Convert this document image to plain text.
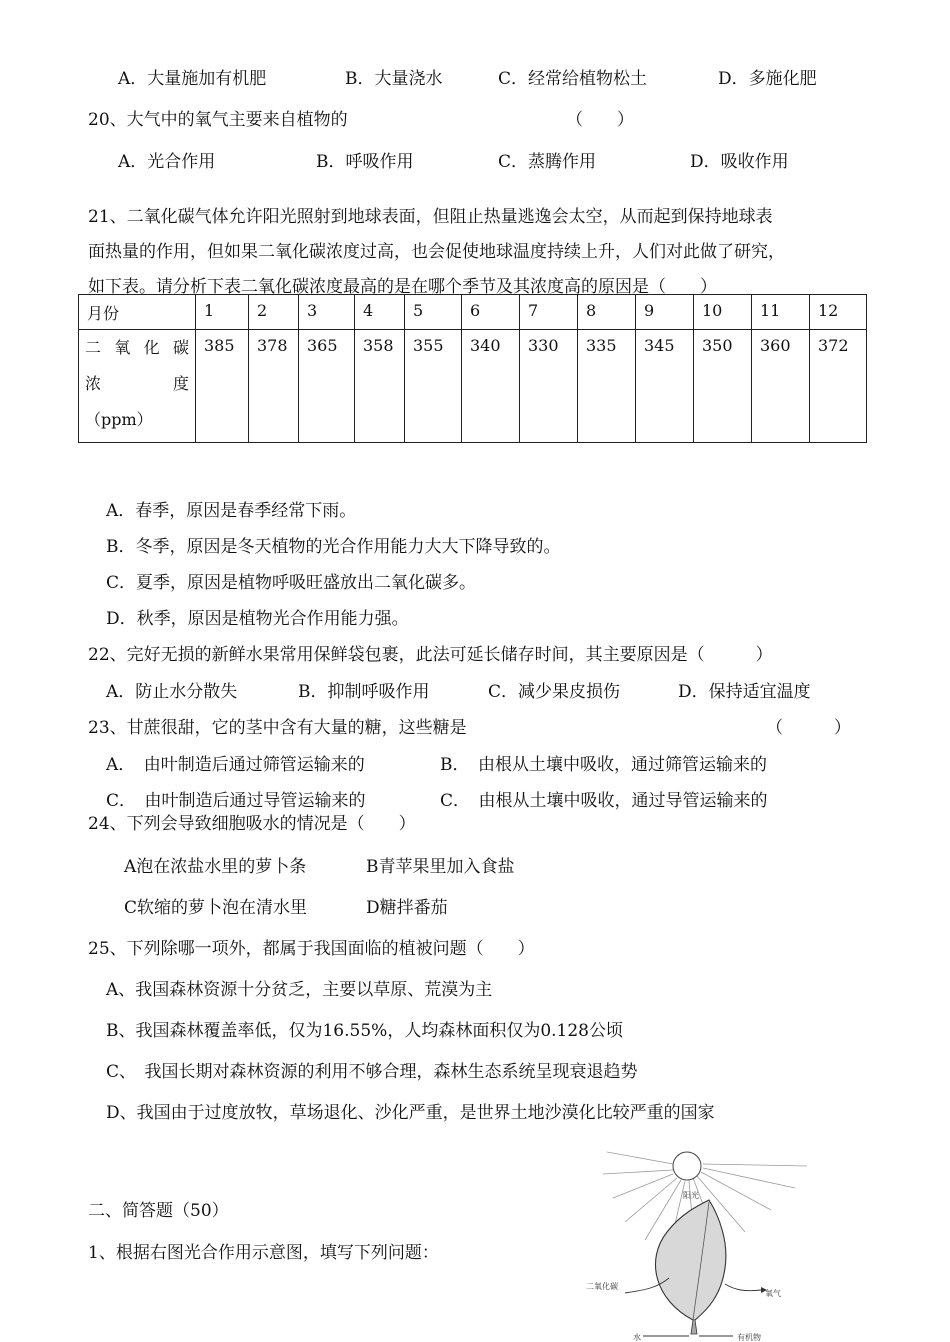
A．大量施加有机肥	B．大量浇水	C．经常给植物松土	D．多施化肥
20、大气中的氧气主要来自植物的	（　　）
A．光合作用	B．呼吸作用	C．蒸腾作用	D．吸收作用
21、二氧化碳气体允许阳光照射到地球表面，但阻止热量逃逸会太空，从而起到保持地球表
面热量的作用，但如果二氧化碳浓度过高，也会促使地球温度持续上升，人们对此做了研究，
如下表。请分析下表二氧化碳浓度最高的是在哪个季节及其浓度高的原因是（　　）
月份	1	2	3	4	5	6	7	8	9	10	11	12

二氧化碳
浓 度
（ppm）	385	378	365	358	355	340	330	335	345	350	360	372
A．春季，原因是春季经常下雨。
B．冬季，原因是冬天植物的光合作用能力大大下降导致的。
C．夏季，原因是植物呼吸旺盛放出二氧化碳多。
D．秋季，原因是植物光合作用能力强。
22、完好无损的新鲜水果常用保鲜袋包裹，此法可延长储存时间，其主要原因是（　　　）
A．防止水分散失	B．抑制呼吸作用	C．减少果皮损伤	D．保持适宜温度
23、甘蔗很甜，它的茎中含有大量的糖，这些糖是	（　　　）
A．　由叶制造后通过筛管运输来的	B．　由根从土壤中吸收，通过筛管运输来的
C．　由叶制造后通过导管运输来的	C．　由根从土壤中吸收，通过导管运输来的
24、下列会导致细胞吸水的情况是（　　）
A泡在浓盐水里的萝卜条	B青苹果里加入食盐
C软缩的萝卜泡在清水里	D糖拌番茄
25、下列除哪一项外，都属于我国面临的植被问题（　　）
A、我国森林资源十分贫乏，主要以草原、荒漠为主
B、我国森林覆盖率低，仅为16.55%，人均森林面积仅为0.128公顷
C、　我国长期对森林资源的利用不够合理，森林生态系统呈现衰退趋势
D、我国由于过度放牧，草场退化、沙化严重，是世界土地沙漠化比较严重的国家
二、简答题（50）
1、根据右图光合作用示意图，填写下列问题：
阳光
二氧化碳
氧气
水	有机物
